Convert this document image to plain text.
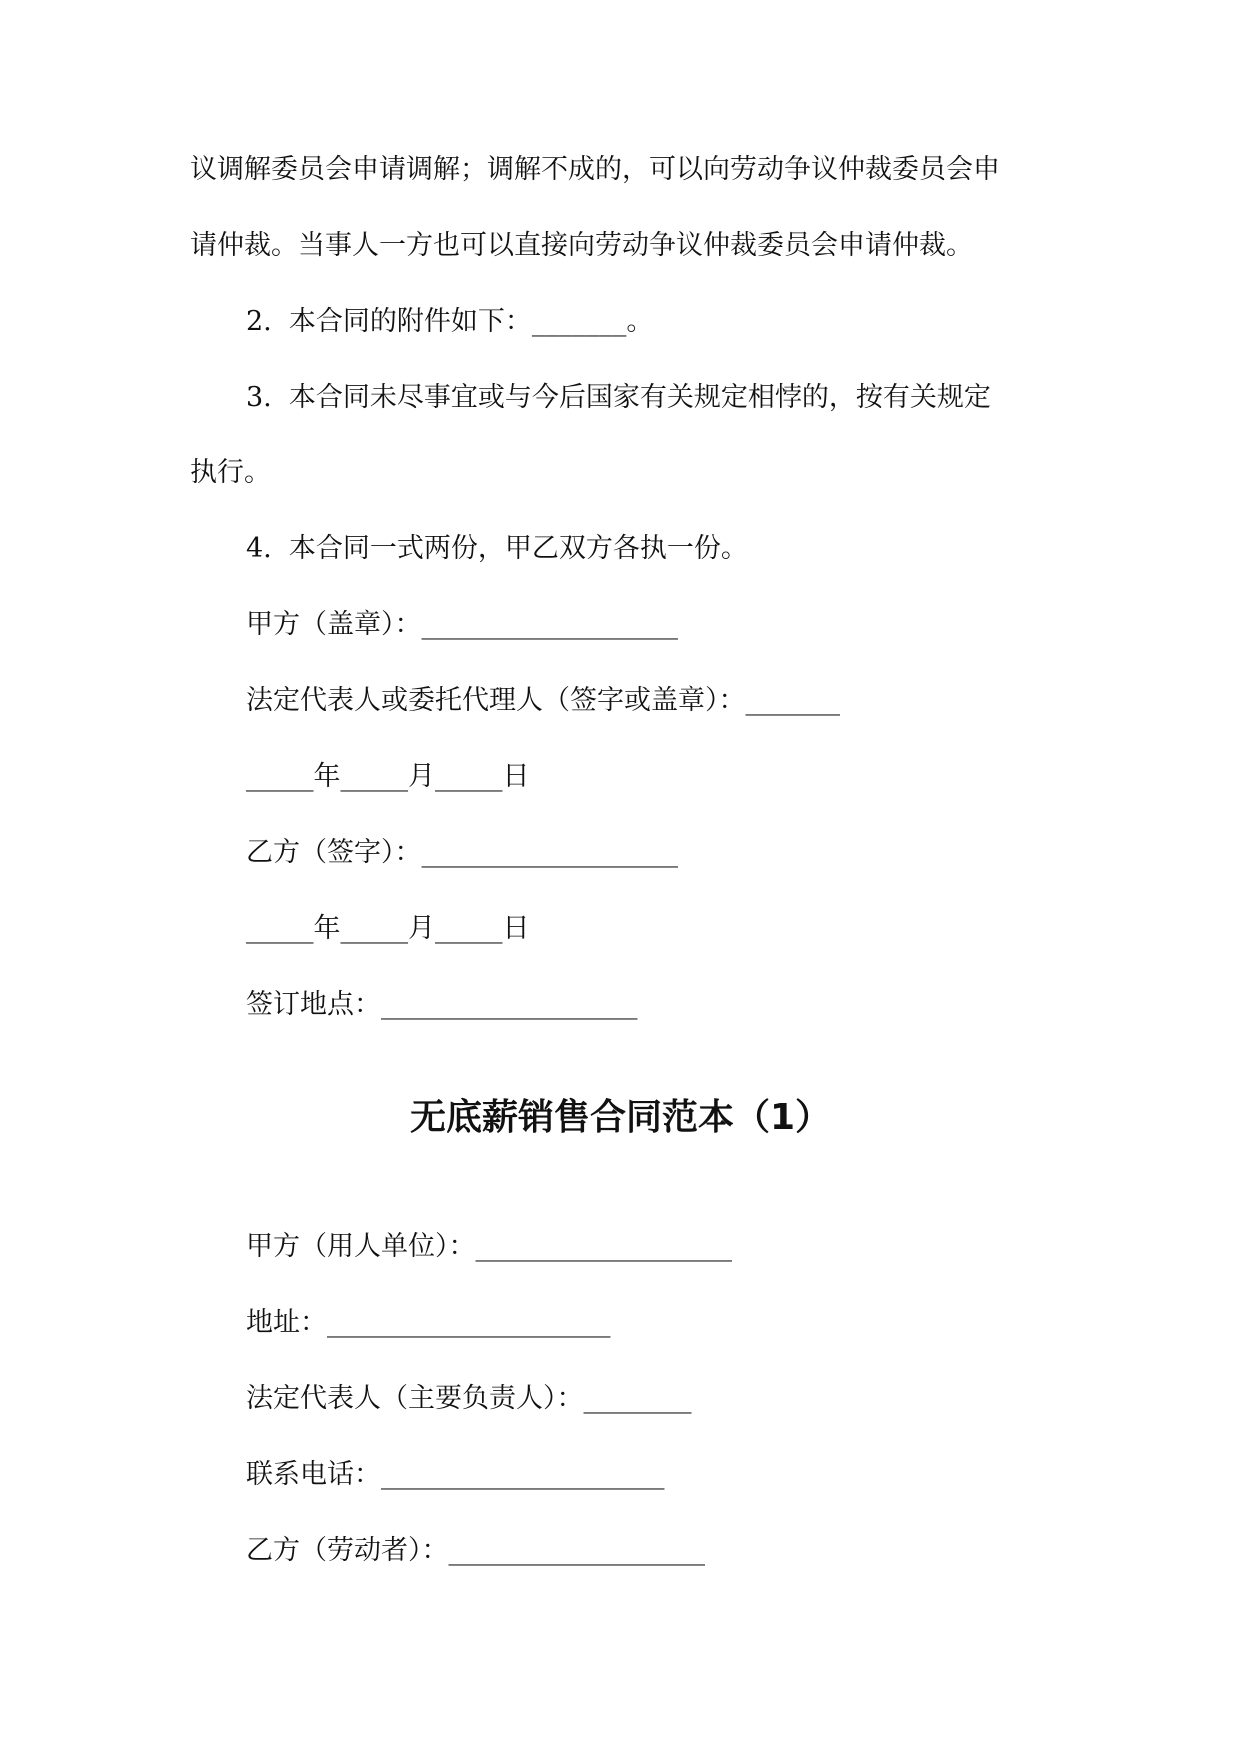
议调解委员会申请调解；调解不成的，可以向劳动争议仲裁委员会申
请仲裁。当事人一方也可以直接向劳动争议仲裁委员会申请仲裁。
2.  本合同的附件如下：_______。
3.  本合同未尽事宜或与今后国家有关规定相悖的，按有关规定
执行。
4.  本合同一式两份，甲乙双方各执一份。
甲方（盖章）：___________________
法定代表人或委托代理人（签字或盖章）：_______
_____年_____月_____日
乙方（签字）：___________________
_____年_____月_____日
签订地点：___________________
无底薪销售合同范本（1）
甲方（用人单位）：___________________
地址：_____________________
法定代表人（主要负责人）：________
联系电话：_____________________
乙方（劳动者）：___________________
